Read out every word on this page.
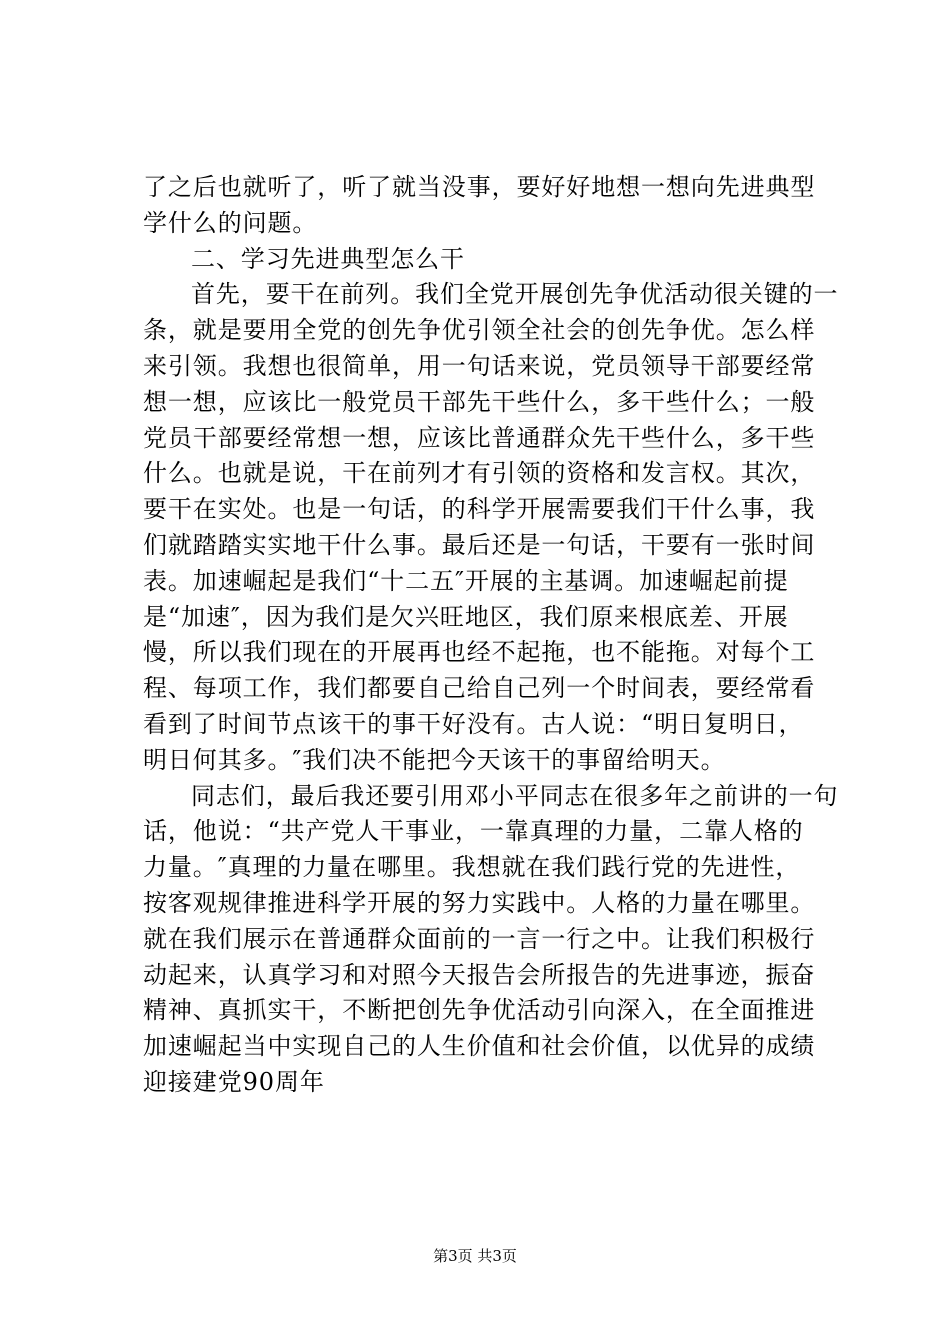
了之后也就听了，听了就当没事，要好好地想一想向先进典型
学什么的问题。
二、学习先进典型怎么干
首先，要干在前列。我们全党开展创先争优活动很关键的一
条，就是要用全党的创先争优引领全社会的创先争优。怎么样
来引领。我想也很简单，用一句话来说，党员领导干部要经常
想一想，应该比一般党员干部先干些什么，多干些什么；一般
党员干部要经常想一想，应该比普通群众先干些什么，多干些
什么。也就是说，干在前列才有引领的资格和发言权。其次，
要干在实处。也是一句话，的科学开展需要我们干什么事，我
们就踏踏实实地干什么事。最后还是一句话，干要有一张时间
表。加速崛起是我们“十二五″开展的主基调。加速崛起前提
是“加速″，因为我们是欠兴旺地区，我们原来根底差、开展
慢，所以我们现在的开展再也经不起拖，也不能拖。对每个工
程、每项工作，我们都要自己给自己列一个时间表，要经常看
看到了时间节点该干的事干好没有。古人说：“明日复明日，
明日何其多。″我们决不能把今天该干的事留给明天。
同志们，最后我还要引用邓小平同志在很多年之前讲的一句
话，他说：“共产党人干事业，一靠真理的力量，二靠人格的
力量。″真理的力量在哪里。我想就在我们践行党的先进性，
按客观规律推进科学开展的努力实践中。人格的力量在哪里。
就在我们展示在普通群众面前的一言一行之中。让我们积极行
动起来，认真学习和对照今天报告会所报告的先进事迹，振奋
精神、真抓实干，不断把创先争优活动引向深入，在全面推进
加速崛起当中实现自己的人生价值和社会价值，以优异的成绩
迎接建党90周年
第3页 共3页
